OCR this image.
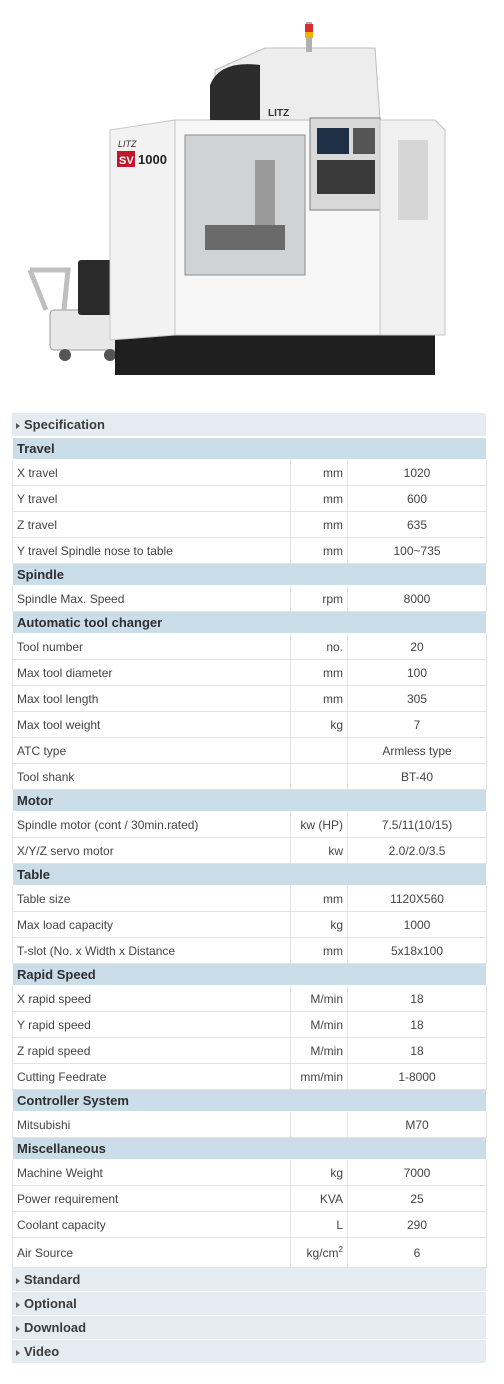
LITZ
SV 1000
LITZ
Specification
Travel		
X travel	mm	1020
Y travel	mm	600
Z travel	mm	635
Y travel Spindle nose to table	mm	100~735
Spindle		
Spindle Max. Speed	rpm	8000
Automatic tool changer		
Tool number	no.	20
Max tool diameter	mm	100
Max tool length	mm	305
Max tool weight	kg	7
ATC type		Armless type
Tool shank		BT-40
Motor		
Spindle motor (cont / 30min.rated)	kw (HP)	7.5/11(10/15)
X/Y/Z servo motor	kw	2.0/2.0/3.5
Table		
Table size	mm	1120X560
Max load capacity	kg	1000
T-slot (No. x Width x Distance	mm	5x18x100
Rapid Speed		
X rapid speed	M/min	18
Y rapid speed	M/min	18
Z rapid speed	M/min	18
Cutting Feedrate	mm/min	1-8000
Controller System		
Mitsubishi		M70
Miscellaneous		
Machine Weight	kg	7000
Power requirement	KVA	25
Coolant capacity	L	290
Air Source	$kg/cm^2$	6
Standard
Optional
Download
Video
